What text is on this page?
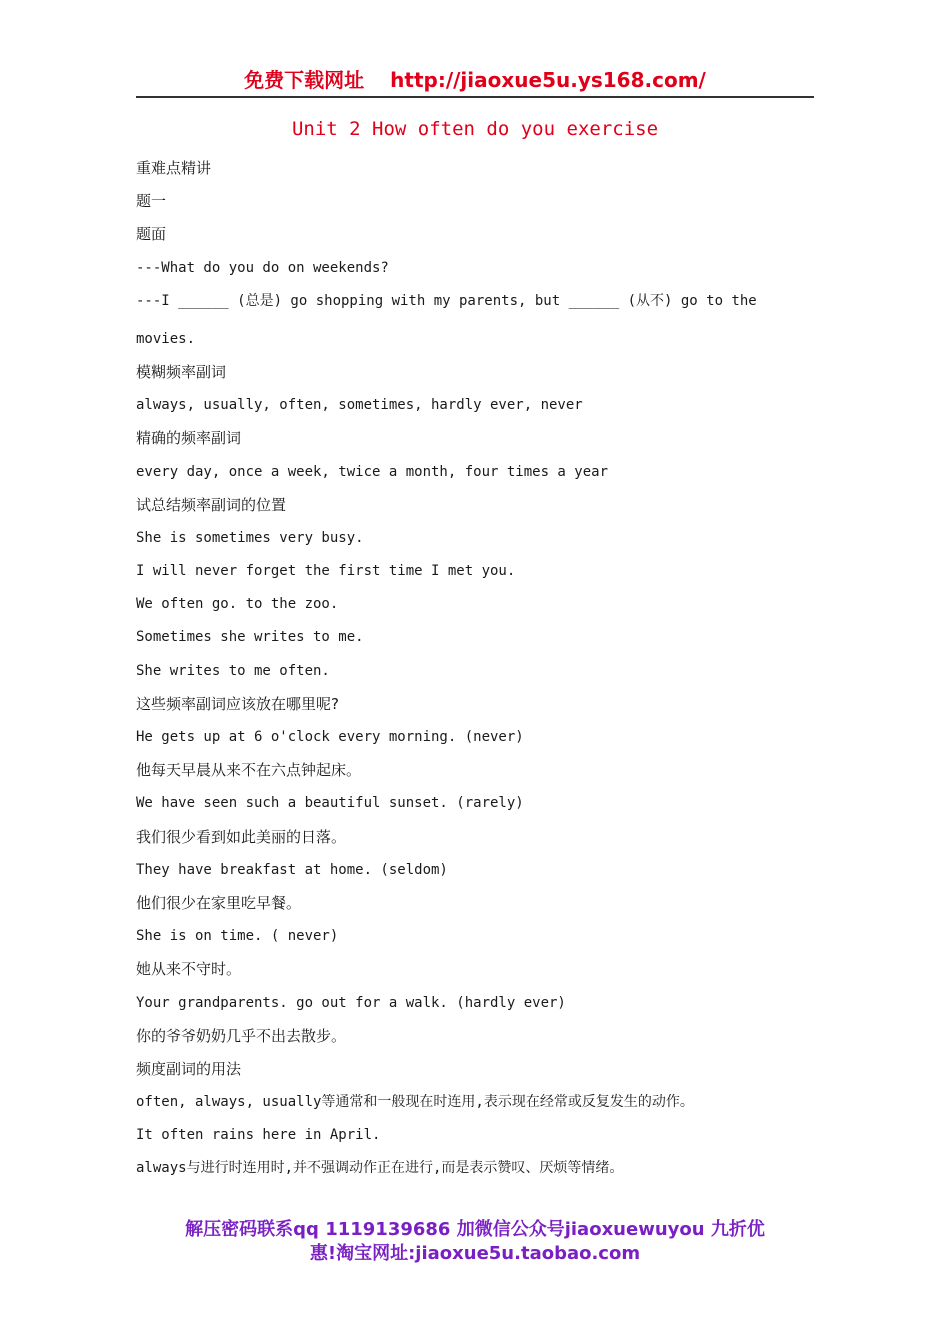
免费下载网址 http://jiaoxue5u.ys168.com/
Unit 2 How often do you exercise
重难点精讲
题一
题面
---What do you do on weekends?
---I ______ (总是) go shopping with my parents, but ______ (从不) go to the
movies.
模糊频率副词
always, usually, often, sometimes, hardly ever, never
精确的频率副词
every day, once a week, twice a month, four times a year
试总结频率副词的位置
She is sometimes very busy.
I will never forget the first time I met you.
We often go. to the zoo.
Sometimes she writes to me.
She writes to me often.
这些频率副词应该放在哪里呢?
He gets up at 6 o'clock every morning. (never)
他每天早晨从来不在六点钟起床。
We have seen such a beautiful sunset. (rarely)
我们很少看到如此美丽的日落。
They have breakfast at home. (seldom)
他们很少在家里吃早餐。
She is on time. ( never)
她从来不守时。
Your grandparents. go out for a walk. (hardly ever)
你的爷爷奶奶几乎不出去散步。
频度副词的用法
often, always, usually等通常和一般现在时连用,表示现在经常或反复发生的动作。
It often rains here in April.
always与进行时连用时,并不强调动作正在进行,而是表示赞叹、厌烦等情绪。
解压密码联系qq 1119139686 加微信公众号jiaoxuewuyou 九折优
惠!淘宝网址:jiaoxue5u.taobao.com
